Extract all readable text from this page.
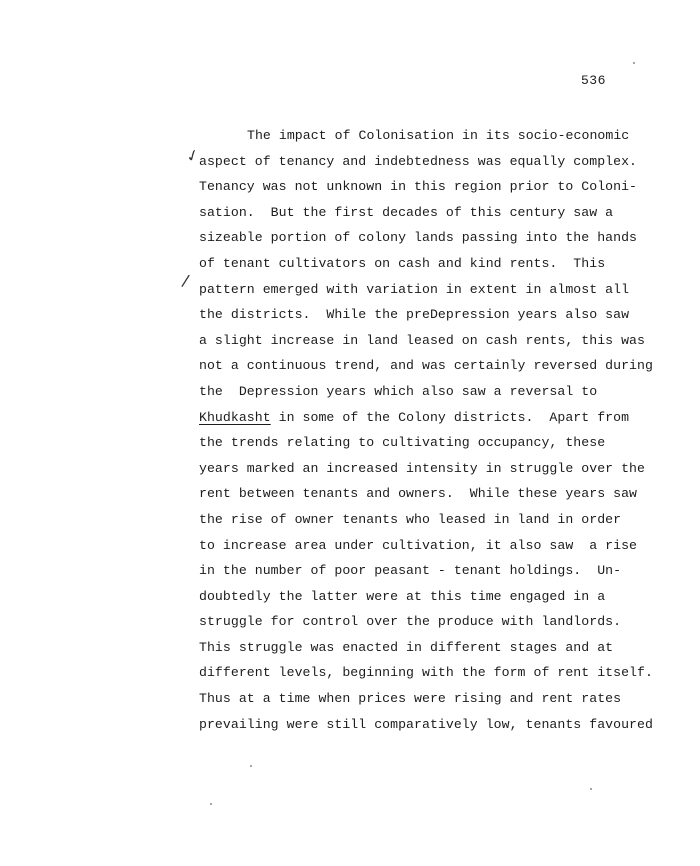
536
✓
/
The impact of Colonisation in its socio-economic
aspect of tenancy and indebtedness was equally complex.
Tenancy was not unknown in this region prior to Coloni-
sation.  But the first decades of this century saw a
sizeable portion of colony lands passing into the hands
of tenant cultivators on cash and kind rents.  This
pattern emerged with variation in extent in almost all
the districts.  While the preDepression years also saw
a slight increase in land leased on cash rents, this was
not a continuous trend, and was certainly reversed during
the  Depression years which also saw a reversal to
Khudkasht in some of the Colony districts.  Apart from
the trends relating to cultivating occupancy, these
years marked an increased intensity in struggle over the
rent between tenants and owners.  While these years saw
the rise of owner tenants who leased in land in order
to increase area under cultivation, it also saw  a rise
in the number of poor peasant - tenant holdings.  Un-
doubtedly the latter were at this time engaged in a
struggle for control over the produce with landlords.
This struggle was enacted in different stages and at
different levels, beginning with the form of rent itself.
Thus at a time when prices were rising and rent rates
prevailing were still comparatively low, tenants favoured
